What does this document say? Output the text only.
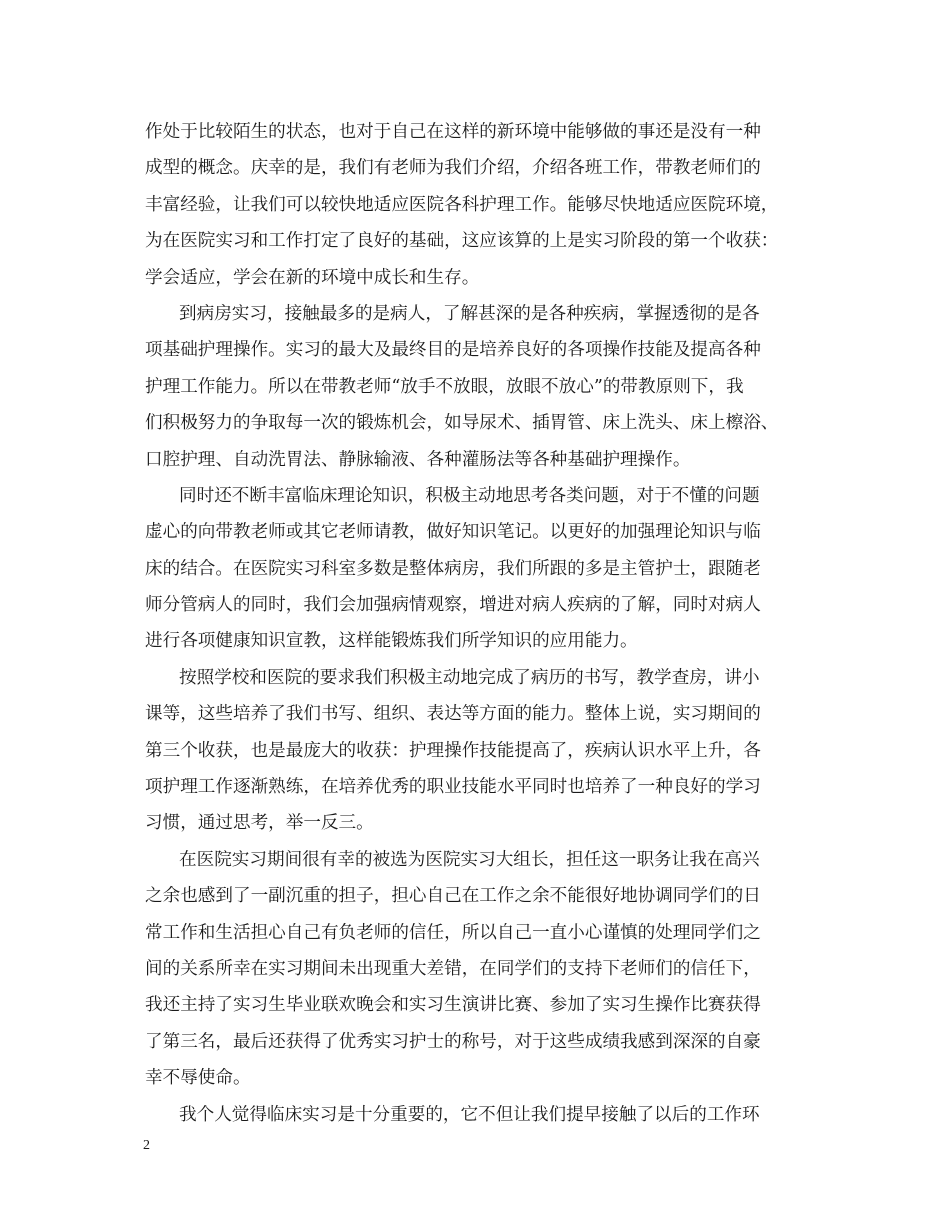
作处于比较陌生的状态，也对于自己在这样的新环境中能够做的事还是没有一种
成型的概念。庆幸的是，我们有老师为我们介绍，介绍各班工作，带教老师们的
丰富经验，让我们可以较快地适应医院各科护理工作。能够尽快地适应医院环境，
为在医院实习和工作打定了良好的基础，这应该算的上是实习阶段的第一个收获：
学会适应，学会在新的环境中成长和生存。
到病房实习，接触最多的是病人，了解甚深的是各种疾病，掌握透彻的是各
项基础护理操作。实习的最大及最终目的是培养良好的各项操作技能及提高各种
护理工作能力。所以在带教老师“放手不放眼，放眼不放心”的带教原则下，我
们积极努力的争取每一次的锻炼机会，如导尿术、插胃管、床上洗头、床上檫浴、
口腔护理、自动洗胃法、静脉输液、各种灌肠法等各种基础护理操作。
同时还不断丰富临床理论知识，积极主动地思考各类问题，对于不懂的问题
虚心的向带教老师或其它老师请教，做好知识笔记。以更好的加强理论知识与临
床的结合。在医院实习科室多数是整体病房，我们所跟的多是主管护士，跟随老
师分管病人的同时，我们会加强病情观察，增进对病人疾病的了解，同时对病人
进行各项健康知识宣教，这样能锻炼我们所学知识的应用能力。
按照学校和医院的要求我们积极主动地完成了病历的书写，教学查房，讲小
课等，这些培养了我们书写、组织、表达等方面的能力。整体上说，实习期间的
第三个收获，也是最庞大的收获：护理操作技能提高了，疾病认识水平上升，各
项护理工作逐渐熟练，在培养优秀的职业技能水平同时也培养了一种良好的学习
习惯，通过思考，举一反三。
在医院实习期间很有幸的被选为医院实习大组长，担任这一职务让我在高兴
之余也感到了一副沉重的担子，担心自己在工作之余不能很好地协调同学们的日
常工作和生活担心自己有负老师的信任，所以自己一直小心谨慎的处理同学们之
间的关系所幸在实习期间未出现重大差错，在同学们的支持下老师们的信任下，
我还主持了实习生毕业联欢晚会和实习生演讲比赛、参加了实习生操作比赛获得
了第三名，最后还获得了优秀实习护士的称号，对于这些成绩我感到深深的自豪
幸不辱使命。
我个人觉得临床实习是十分重要的，它不但让我们提早接触了以后的工作环
2
